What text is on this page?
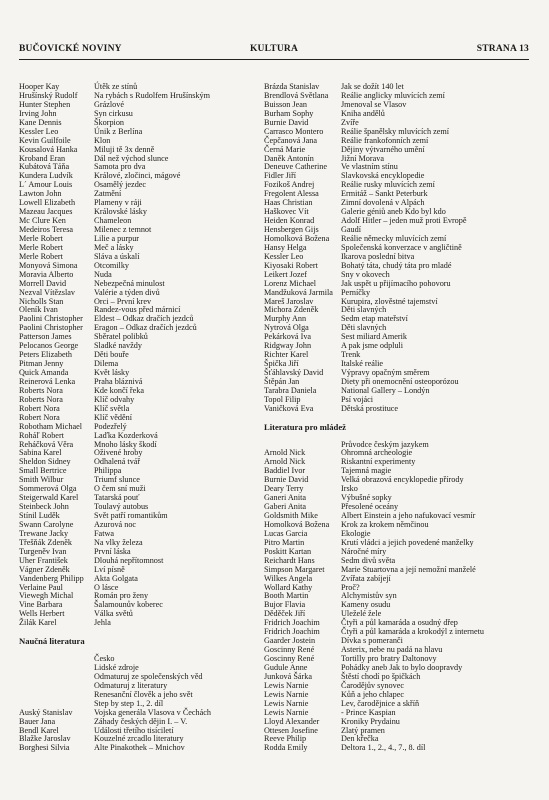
BUČOVICKÉ NOVINY	KULTURA	STRANA 13
Hooper Kay	Útěk ze stínů
Hrušínský Rudolf Na rybách s Rudolfem Hrušínským
Hunter Stephen	Grázlové
Irving John	Syn cirkusu
Kane Dennis	Škorpion
Kessler Leo	Únik z Berlína
Kevin Guilfoile	Klon
Kousalová Hanka Miluji tě 3x denně
Kroband Eran	Dál než východ slunce
Kubátová Táňa	Samota pro dva
Kundera Ludvík	Králové, zločinci, mágové
L´ Amour Louis	Osamělý jezdec
Lawton John	Zatmění
Lowell Elizabeth Plameny v ráji
Mazeau Jacques	Královské lásky
Mc Clure Ken	Chameleon
Medeiros Teresa	Milenec z temnot
Merle Robert	Lilie a purpur
Merle Robert	Meč a lásky
Merle Robert	Sláva a úskalí
Monyová Simona Otcomilky
Moravia Alberto	Nuda
Morrell David	Nebezpečná minulost
Nezval Vítězslav Valérie a týden divů
Nicholls Stan	Orci – První krev
Oleník Ivan	Randez-vous před márnicí
Paolini Christopher Eldest – Odkaz dračích jezdců
Paolini Christopher Eragon – Odkaz dračích jezdců
Patterson James	Sběratel polibků
Pelocanos George Sladké navždy
Peters Elizabeth	Děti bouře
Pitman Jenny	Dilema
Quick Amanda	Květ lásky
Reinerová Lenka Praha bláznivá
Roberts Nora	Kde končí řeka
Roberts Nora	Klíč odvahy
Robert Nora	Klíč světla
Robert Nora	Klíč vědění
Robotham Michael Podezřelý
Roháľ Robert	Laďka Kozderková
Reháčková Věra	Mnoho lásky škodí
Sabina Karel	Oživené hroby
Sheldon Sidney	Odhalená tvář
Small Bertrice	Philippa
Smith Wilbur	Triumf slunce
Sommerová Olga O čem sní muži
Steigerwald Karel Tatarská pouť
Steinbeck John	Toulavý autobus
Stínil Luděk	Svět patří romantikům
Swann Carolyne	Azurová noc
Trewane Jacky	Fatwa
Třešňák Zdeněk	Na vlky železa
Turgeněv Ivan	První láska
Uher František	Dlouhá nepřítomnost
Vágner Zdeněk	Lví písně
Vandenberg Philipp Akta Golgata
Verlaine Paul	O lásce
Viewegh Michal	Román pro ženy
Vine Barbara	Šalamounův koberec
Wells Herbert	Válka světů
Žilák Karel	Jehla
Naučná literatura
Česko
Lidské zdroje
Odmaturuj ze společenských věd
Odmaturuj z literatury
Renesanční člověk a jeho svět
Step by step 1., 2. díl
Auský Stanislav	Vojska generála Vlasova v Čechách
Bauer Jana	Záhady českých dějin I. – V.
Bendl Karel	Události třetího tisíciletí
Blažke Jaroslav	Kouzelné zrcadlo literatury
Borghesi Silvia	Alte Pinakothek – Mnichov
Brázda Stanislav	Jak se dožít 140 let
Brendlová Světlana Reálie anglicky mluvících zemí
Buisson Jean	Jmenoval se Vlasov
Burham Sophy	Kniha andělů
Burnie David	Zvíře
Carrasco Montero Reálie španělsky mluvících zemí
Čepčanová Jana	Reálie frankofonních zemí
Černá Marie	Dějiny výtvarného umění
Daněk Antonín	Jižní Morava
Deneuve Catherine Ve vlastním stínu
Fidler Jiří	Slavkovská encyklopedie
Fozikoš Andrej	Reálie rusky mluvících zemí
Fregolent Alessa	Ermitáž – Sankt Peterburk
Haas Christian	Zimní dovolená v Alpách
Haškovec Vít	Galerie géniů aneb Kdo byl kdo
Heiden Konrad	Adolf Hitler – jeden muž proti Evropě
Hensbergen Gijs	Gaudí
Homolková Božena Reálie německy mluvících zemí
Hansy Helga	Společenská konverzace v angličtině
Kessler Leo	Ikarova poslední bitva
Kiyosaki Robert	Bohatý táta, chudý táta pro mladé
Leikert Jozef	Sny v okovech
Lorenz Michael	Jak uspět u přijímacího pohovoru
Mandžuková Jarmila Perníčky
Mareš Jaroslav	Kurupira, zlověstné tajemství
Michora Zdeněk	Děti slavných
Murphy Ann	Sedm etap mateřství
Nytrová Olga	Děti slavných
Pekárková Iva	Sest miliard Amerik
Ridgway John	A pak jsme odpluli
Richter Karel	Trenk
Špička Jiří	Italské reálie
Šťáhlavský David Výpravy opačným směrem
Štěpán Jan	Diety při onemocnění osteoporózou
Tarabra Daniela	National Gallery – Londýn
Topol Filip	Psí vojáci
Vaničková Eva	Dětská prostituce
Literatura pro mládež
Průvodce českým jazykem
Arnold Nick	Ohromná archeologie
Arnold Nick	Riskantní experimenty
Baddiel Ivor	Tajemná magie
Burnie David	Velká obrazová encyklopedie přírody
Deary Terry	Irsko
Ganeri Anita	Výbušné sopky
Gaberi Anita	Přesolené oceány
Goldsmith Mike	Albert Einstein a jeho nafukovací vesmír
Homolková Božena Krok za krokem němčinou
Lucas Garcia	Ekologie
Pitro Martin	Krutí vládci a jejich povedené manželky
Poskitt Kartan	Náročné míry
Reichardt Hans	Sedm divů světa
Simpson Margaret Marie Stuartovna a její nemožní manželé
Wilkes Angela	Zvířata zabíjejí
Wollard Kathy	Proč?
Booth Martin	Alchymistův syn
Bujor Flavia	Kameny osudu
Děděček Jiří	Uleželé žele
Fridrich Joachim	Čtyři a půl kamaráda a osudný dřep
Fridrich Joachim	Čtyři a půl kamaráda a krokodýl z internetu
Gaarder Jostein	Dívka s pomeranči
Goscinny René	Asterix, nebe nu padá na hlavu
Goscinny René	Tortilly pro bratry Daltonovy
Gudule Anne	Pohádky aneb Jak to bylo doopravdy
Junková Šárka	Štěstí chodí po špičkách
Lewis Narnie	Čarodějův synovec
Lewis Narnie	Kůň a jeho chlapec
Lewis Narnie	Lev, čarodějnice a skříň
Lewis Narnie	- Prince Kaspian
Lloyd Alexander	Kroniky Prydainu
Ottesen Josefine	Zlatý pramen
Reeve Philip	Den křečka
Rodda Emily	Deltora 1., 2., 4., 7., 8. díl
